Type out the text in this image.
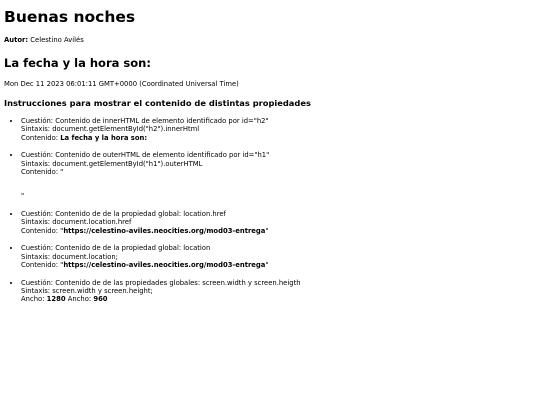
Buenas noches

Autor: Celestino Avilés

La fecha y la hora son:

Mon Dec 11 2023 06:01:11 GMT+0000 (Coordinated Universal Time)

Instrucciones para mostrar el contenido de distintas propiedades
• Cuestión: Contenido de innerHTML de elemento identificado por id="h2"
Sintaxis: document.getElementById("h2").innerHtml
Contenido: La fecha y la hora son:
• Cuestión: Contenido de outerHTML de elemento identificado por id="h1"
Sintaxis: document.getElementById("h1").outerHTML
Contenido: "
"
• Cuestión: Contenido de de la propiedad global: location.href
Sintaxis: document.location.href
Contenido: "https://celestino-aviles.neocities.org/mod03-entrega"
• Cuestión: Contenido de de la propiedad global: location
Sintaxis: document.location;
Contenido: "https://celestino-aviles.neocities.org/mod03-entrega"
• Cuestión: Contenido de de las propiedades globales: screen.width y screen.heigth
Sintaxis: screen.width y screen.height;
Ancho: 1280 Ancho: 960
